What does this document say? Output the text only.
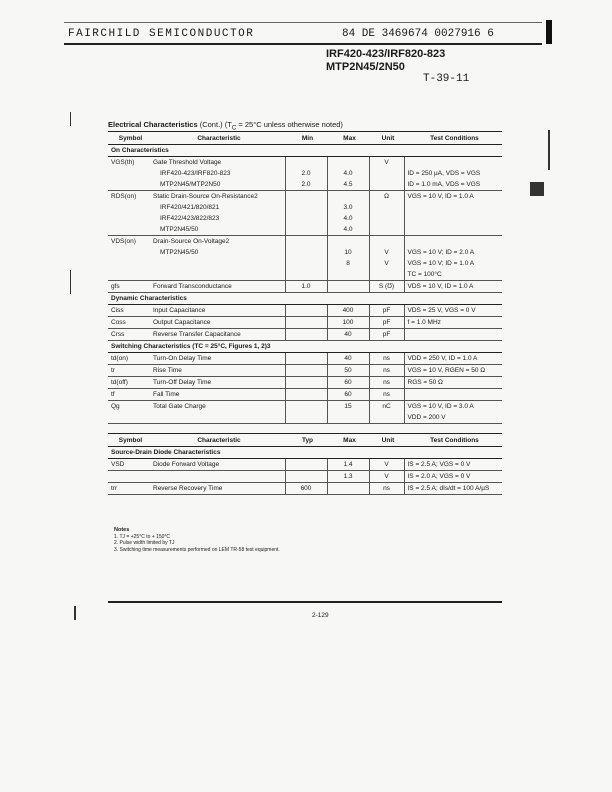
FAIRCHILD SEMICONDUCTOR	84 DE 3469674 0027916 6
IRF420-423/IRF820-823
MTP2N45/2N50
T-39-11
Electrical Characteristics (Cont.) ($T_C = 25^\circ C$ unless otherwise noted)
Symbol	Characteristic	Min	Max	Unit	Test Conditions
On Characteristics					
VGS(th)	Gate Threshold Voltage			V	
	IRF420-423/IRF820-823	2.0	4.0		ID = 250 µA, VDS = VGS
	MTP2N45/MTP2N50	2.0	4.5		ID = 1.0 mA, VDS = VGS
RDS(on)	Static Drain-Source On-Resistance2			Ω	VGS = 10 V, ID = 1.0 A
	IRF420/421/820/821		3.0		
	IRF422/423/822/823		4.0		
	MTP2N45/50		4.0		
VDS(on)	Drain-Source On-Voltage2				
	MTP2N45/50		10	V	VGS = 10 V; ID = 2.0 A
			8	V	VGS = 10 V; ID = 1.0 A
					TC = 100°C
gfs	Forward Transconductance	1.0		S (Ʊ)	VDS = 10 V, ID = 1.0 A
Dynamic Characteristics					
Ciss	Input Capacitance		400	pF	VDS = 25 V, VGS = 0 V
Coss	Output Capacitance		100	pF	f = 1.0 MHz
Crss	Reverse Transfer Capacitance		40	pF	
Switching Characteristics (TC = 25°C, Figures 1, 2)3					
td(on)	Turn-On Delay Time		40	ns	VDD = 250 V, ID = 1.0 A
tr	Rise Time		50	ns	VGS = 10 V, RGEN = 50 Ω
td(off)	Turn-Off Delay Time		60	ns	RGS = 50 Ω
tf	Fall Time		60	ns	
Qg	Total Gate Charge		15	nC	VGS = 10 V, ID = 3.0 A
					VDD = 200 V

Symbol	Characteristic	Typ	Max	Unit	Test Conditions
Source-Drain Diode Characteristics					
VSD	Diode Forward Voltage		1.4	V	IS = 2.5 A; VGS = 0 V
			1.3	V	IS = 2.0 A; VGS = 0 V
trr	Reverse Recovery Time	600		ns	IS = 2.5 A; dIs/dt = 100 A/µS
Notes
1. TJ = +25°C to + 150°C
2. Pulse width limited by TJ
3. Switching time measurements performed on LEM TR-58 test equipment.
2-129
